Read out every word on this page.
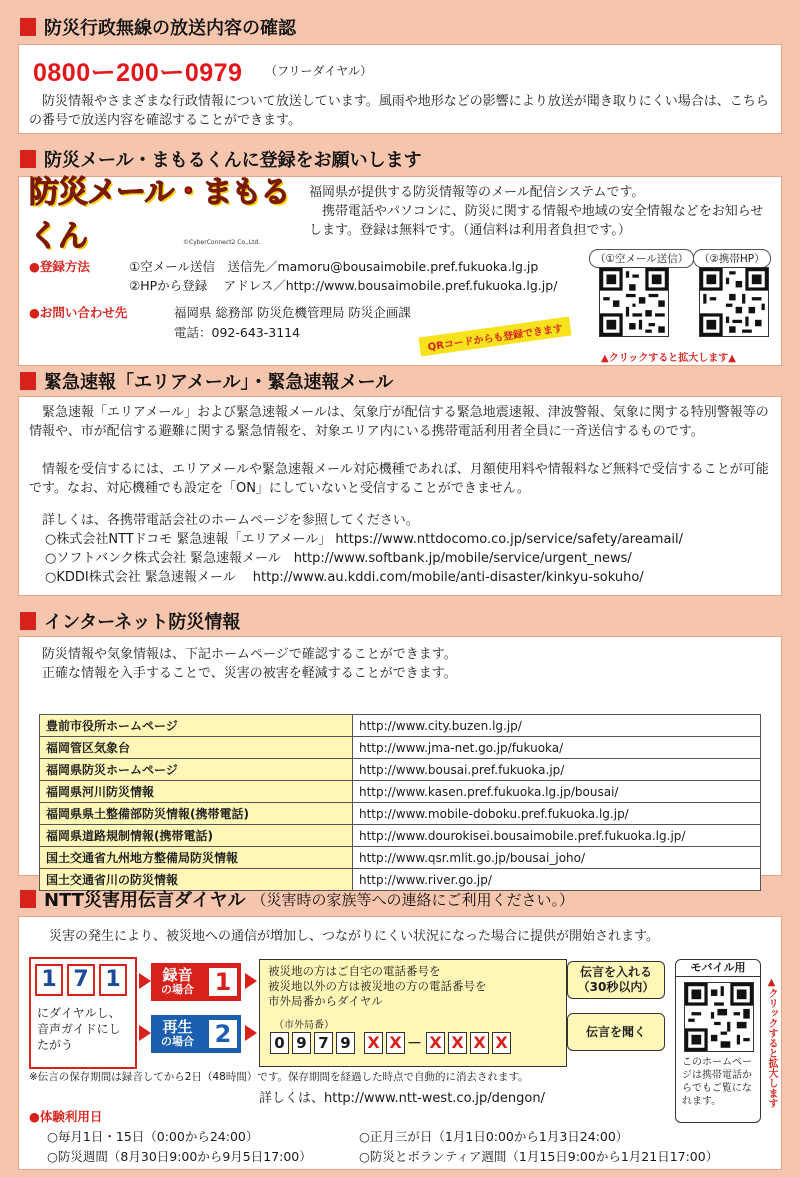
防災行政無線の放送内容の確認
0800ー200ー0979 （フリーダイヤル）

　防災情報やさまざまな行政情報について放送しています。風雨や地形などの影響により放送が聞き取りにくい場合は、こちらの番号で放送内容を確認することができます。

防災メール・まもるくんに登録をお願いします
防災メール・まもるくん	©CyberConnect2 Co.,Ltd.

福岡県が提供する防災情報等のメール配信システムです。

　携帯電話やパソコンに、防災に関する情報や地域の安全情報などをお知らせします。登録は無料です。（通信料は利用者負担です。）

●登録方法	①空メール送信　送信先／mamoru@bousaimobile.pref.fukuoka.lg.jp
②HPから登録　 アドレス／http://www.bousaimobile.pref.fukuoka.lg.jp/
●お問い合わせ先	福岡県 総務部 防災危機管理局 防災企画課
電話：092-643-3114
（①空メール送信）	（②携帯HP）
QRコードからも登録できます
▲クリックすると拡大します▲
緊急速報「エリアメール」・緊急速報メール

　緊急速報「エリアメール」および緊急速報メールは、気象庁が配信する緊急地震速報、津波警報、気象に関する特別警報等の情報や、市が配信する避難に関する緊急情報を、対象エリア内にいる携帯電話利用者全員に一斉送信するものです。

　情報を受信するには、エリアメールや緊急速報メール対応機種であれば、月額使用料や情報料など無料で受信することが可能です。なお、対応機種でも設定を「ON」にしていないと受信することができません。

　詳しくは、各携帯電話会社のホームページを参照してください。

○株式会社NTTドコモ 緊急速報「エリアメール」 https://www.nttdocomo.co.jp/service/safety/areamail/

○ソフトバンク株式会社 緊急速報メール　http://www.softbank.jp/mobile/service/urgent_news/

○KDDI株式会社 緊急速報メール　 http://www.au.kddi.com/mobile/anti-disaster/kinkyu-sokuho/

インターネット防災情報

　防災情報や気象情報は、下記ホームページで確認することができます。

　正確な情報を入手することで、災害の被害を軽減することができます。

豊前市役所ホームページ	http://www.city.buzen.lg.jp/
福岡管区気象台	http://www.jma-net.go.jp/fukuoka/
福岡県防災ホームページ	http://www.bousai.pref.fukuoka.jp/
福岡県河川防災情報	http://www.kasen.pref.fukuoka.lg.jp/bousai/
福岡県県土整備部防災情報(携帯電話)	http://www.mobile-doboku.pref.fukuoka.lg.jp/
福岡県道路規制情報(携帯電話)	http://www.dourokisei.bousaimobile.pref.fukuoka.lg.jp/
国土交通省九州地方整備局防災情報	http://www.qsr.mlit.go.jp/bousai_joho/
国土交通省川の防災情報	http://www.river.go.jp/
NTT災害用伝言ダイヤル （災害時の家族等への連絡にご利用ください。）

災害の発生により、被災地への通信が増加し、つながりにくい状況になった場合に提供が開始されます。

1 7 1
にダイヤルし、音声ガイドにしたがう
録音
の場合 1
再生
の場合 2
被災地の方はご自宅の電話番号を
被災地以外の方は被災地の方の電話番号を
市外局番からダイヤル
（市外局番）
0 9 7 9 X X － X X X X
伝言を入れる（30秒以内）
伝言を聞く
モバイル用
このホームページは携帯電話からでもご覧になれます。	▲クリックすると拡大します

※伝言の保存期間は録音してから2日（48時間）です。保存期間を経過した時点で自動的に消去されます。

詳しくは、http://www.ntt-west.co.jp/dengon/

●体験利用日

○毎月1日・15日（0:00から24:00）	○正月三が日（1月1日0:00から1月3日24:00）

○防災週間（8月30日9:00から9月5日17:00）	○防災とボランティア週間（1月15日9:00から1月21日17:00）
